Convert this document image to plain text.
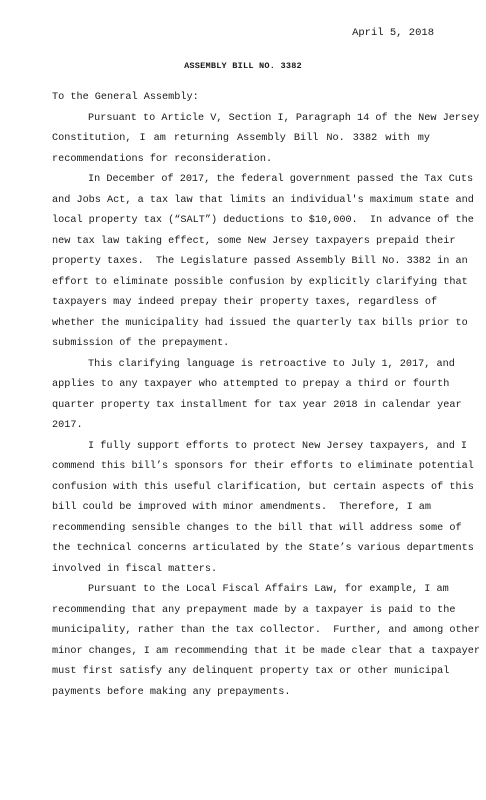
April 5, 2018
ASSEMBLY BILL NO. 3382
To the General Assembly:
Pursuant to Article V, Section I, Paragraph 14 of the New Jersey
Constitution, I am returning Assembly Bill No. 3382 with my
recommendations for reconsideration.
In December of 2017, the federal government passed the Tax Cuts
and Jobs Act, a tax law that limits an individual's maximum state and
local property tax (“SALT”) deductions to $10,000.  In advance of the
new tax law taking effect, some New Jersey taxpayers prepaid their
property taxes.  The Legislature passed Assembly Bill No. 3382 in an
effort to eliminate possible confusion by explicitly clarifying that
taxpayers may indeed prepay their property taxes, regardless of
whether the municipality had issued the quarterly tax bills prior to
submission of the prepayment.
This clarifying language is retroactive to July 1, 2017, and
applies to any taxpayer who attempted to prepay a third or fourth
quarter property tax installment for tax year 2018 in calendar year
2017.
I fully support efforts to protect New Jersey taxpayers, and I
commend this bill’s sponsors for their efforts to eliminate potential
confusion with this useful clarification, but certain aspects of this
bill could be improved with minor amendments.  Therefore, I am
recommending sensible changes to the bill that will address some of
the technical concerns articulated by the State’s various departments
involved in fiscal matters.
Pursuant to the Local Fiscal Affairs Law, for example, I am
recommending that any prepayment made by a taxpayer is paid to the
municipality, rather than the tax collector.  Further, and among other
minor changes, I am recommending that it be made clear that a taxpayer
must first satisfy any delinquent property tax or other municipal
payments before making any prepayments.
